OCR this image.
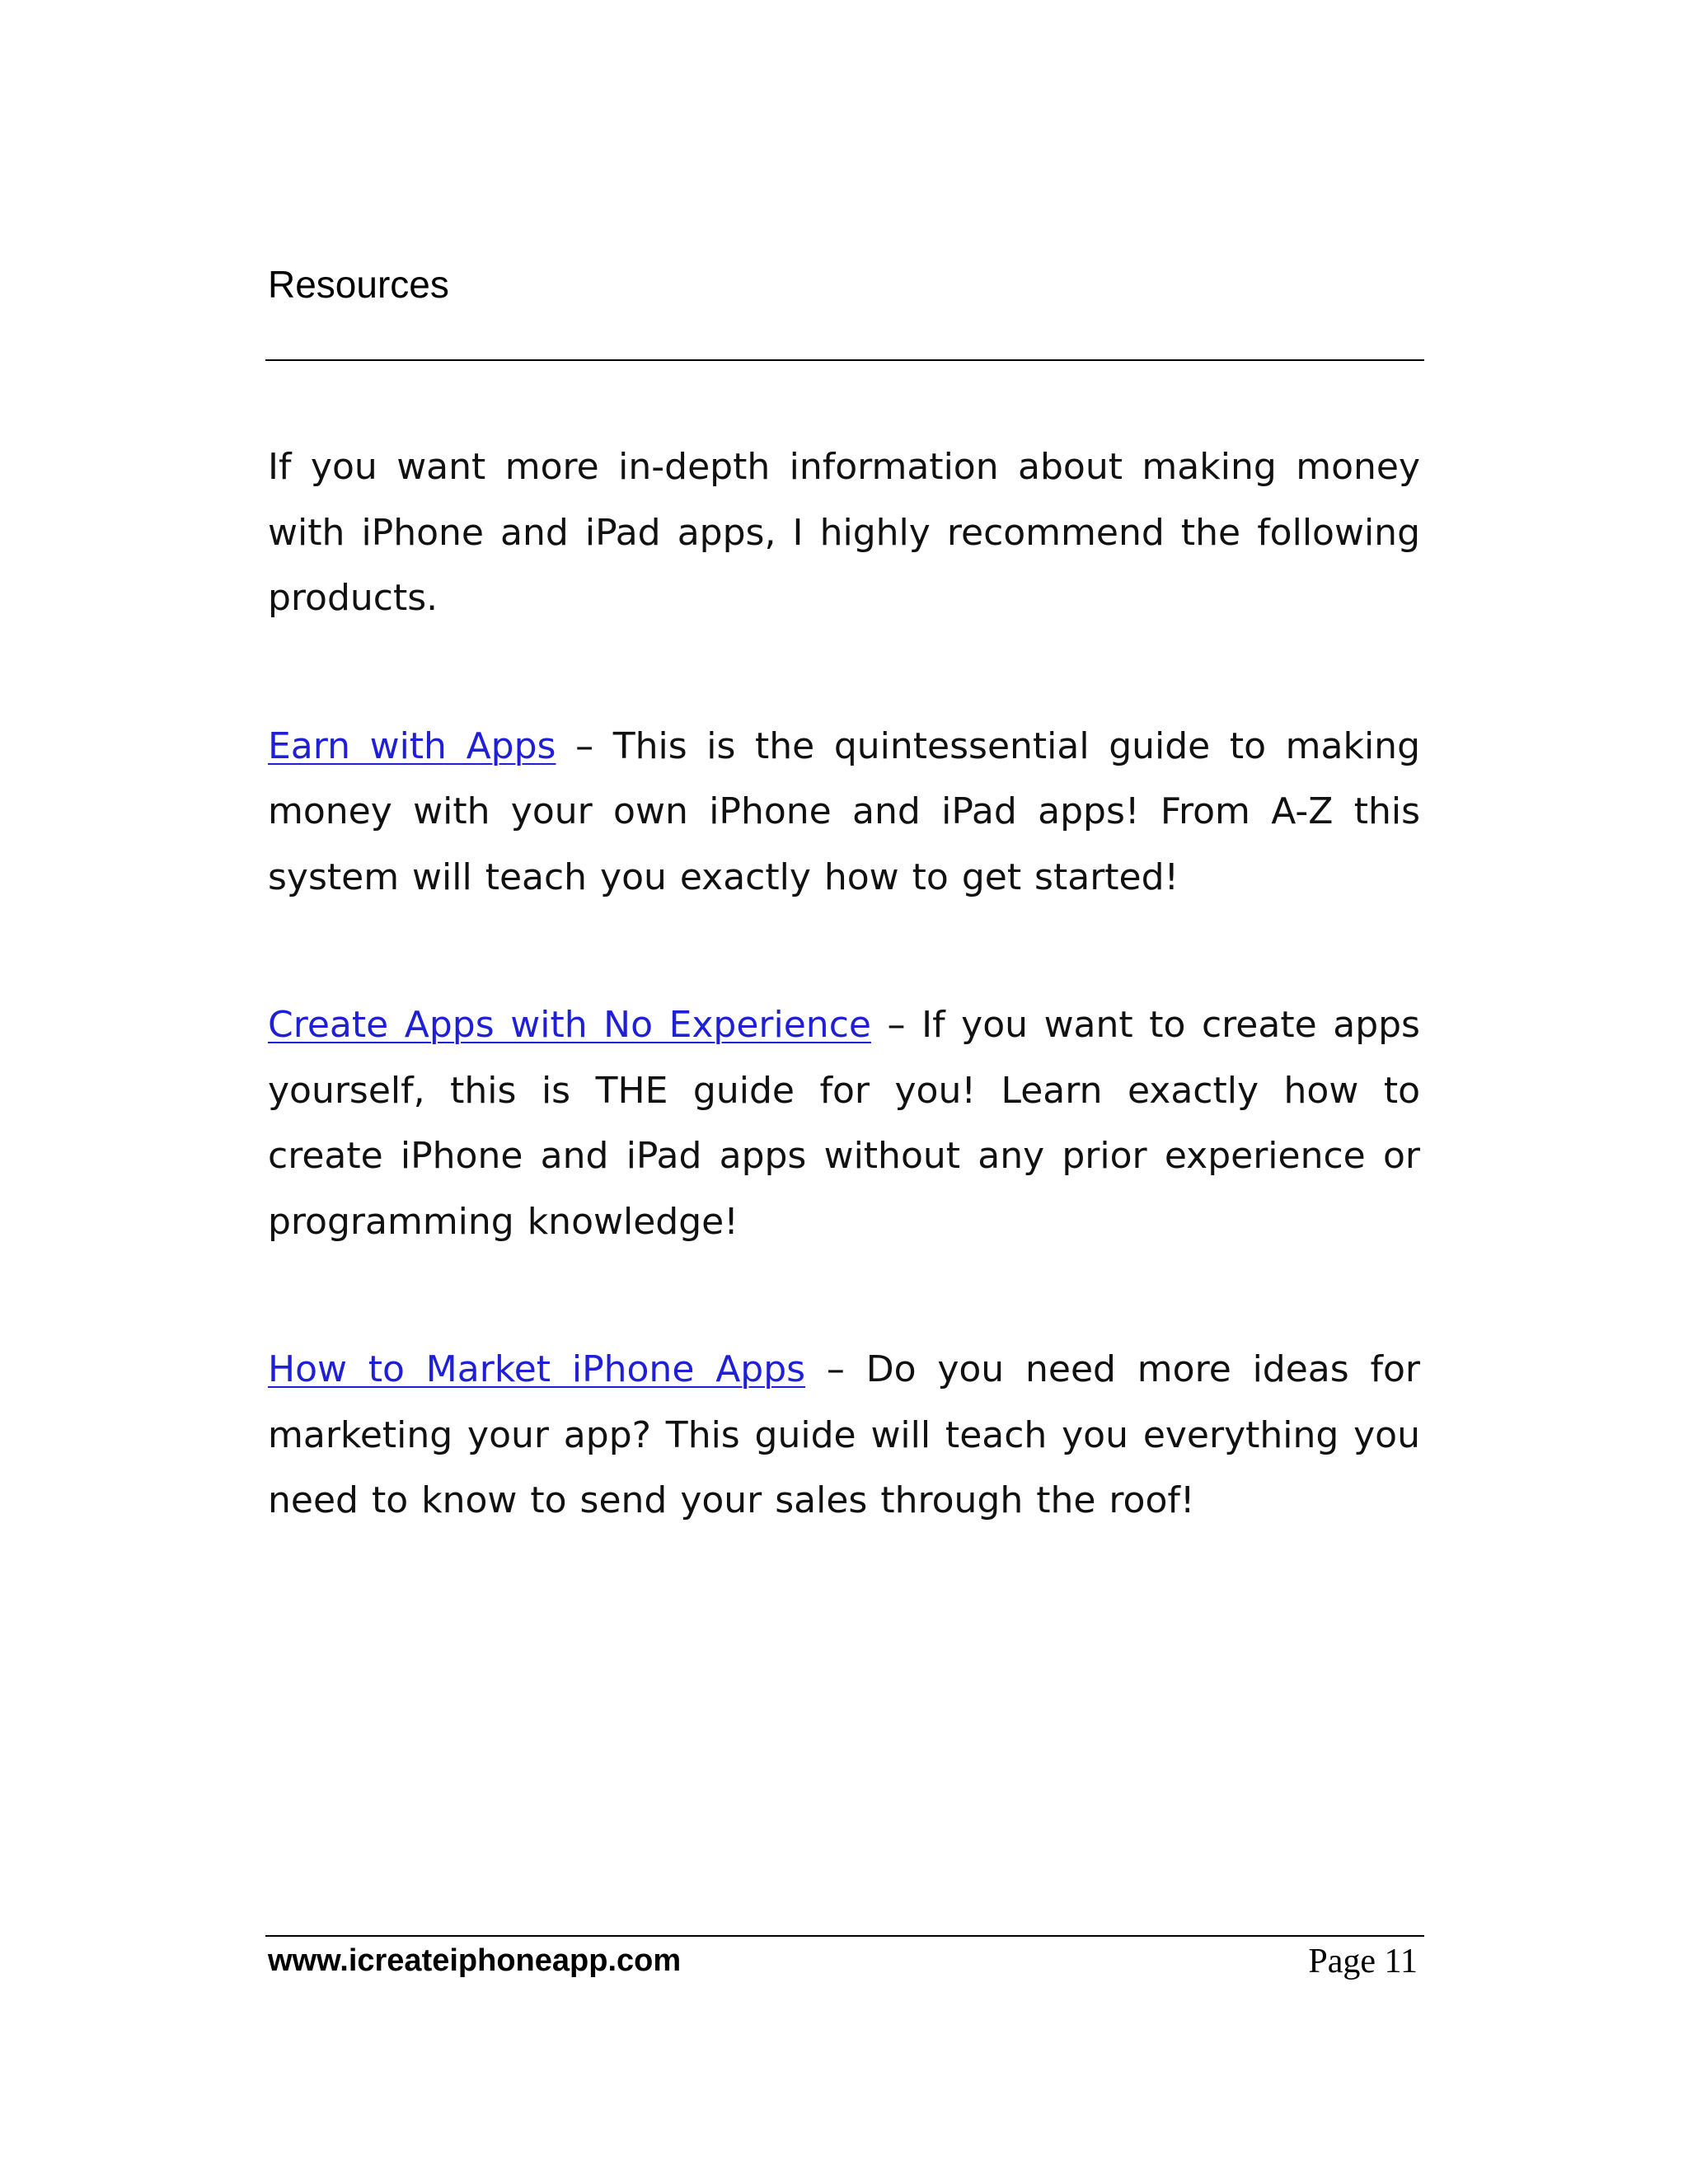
Resources

If you want more in-depth information about making money with iPhone and iPad apps, I highly recommend the following products.

Earn with Apps – This is the quintessential guide to making money with your own iPhone and iPad apps! From A-Z this system will teach you exactly how to get started!

Create Apps with No Experience – If you want to create apps yourself, this is THE guide for you! Learn exactly how to create iPhone and iPad apps without any prior experience or programming knowledge!

How to Market iPhone Apps – Do you need more ideas for marketing your app? This guide will teach you everything you need to know to send your sales through the roof!

www.icreateiphoneapp.com	Page 11
